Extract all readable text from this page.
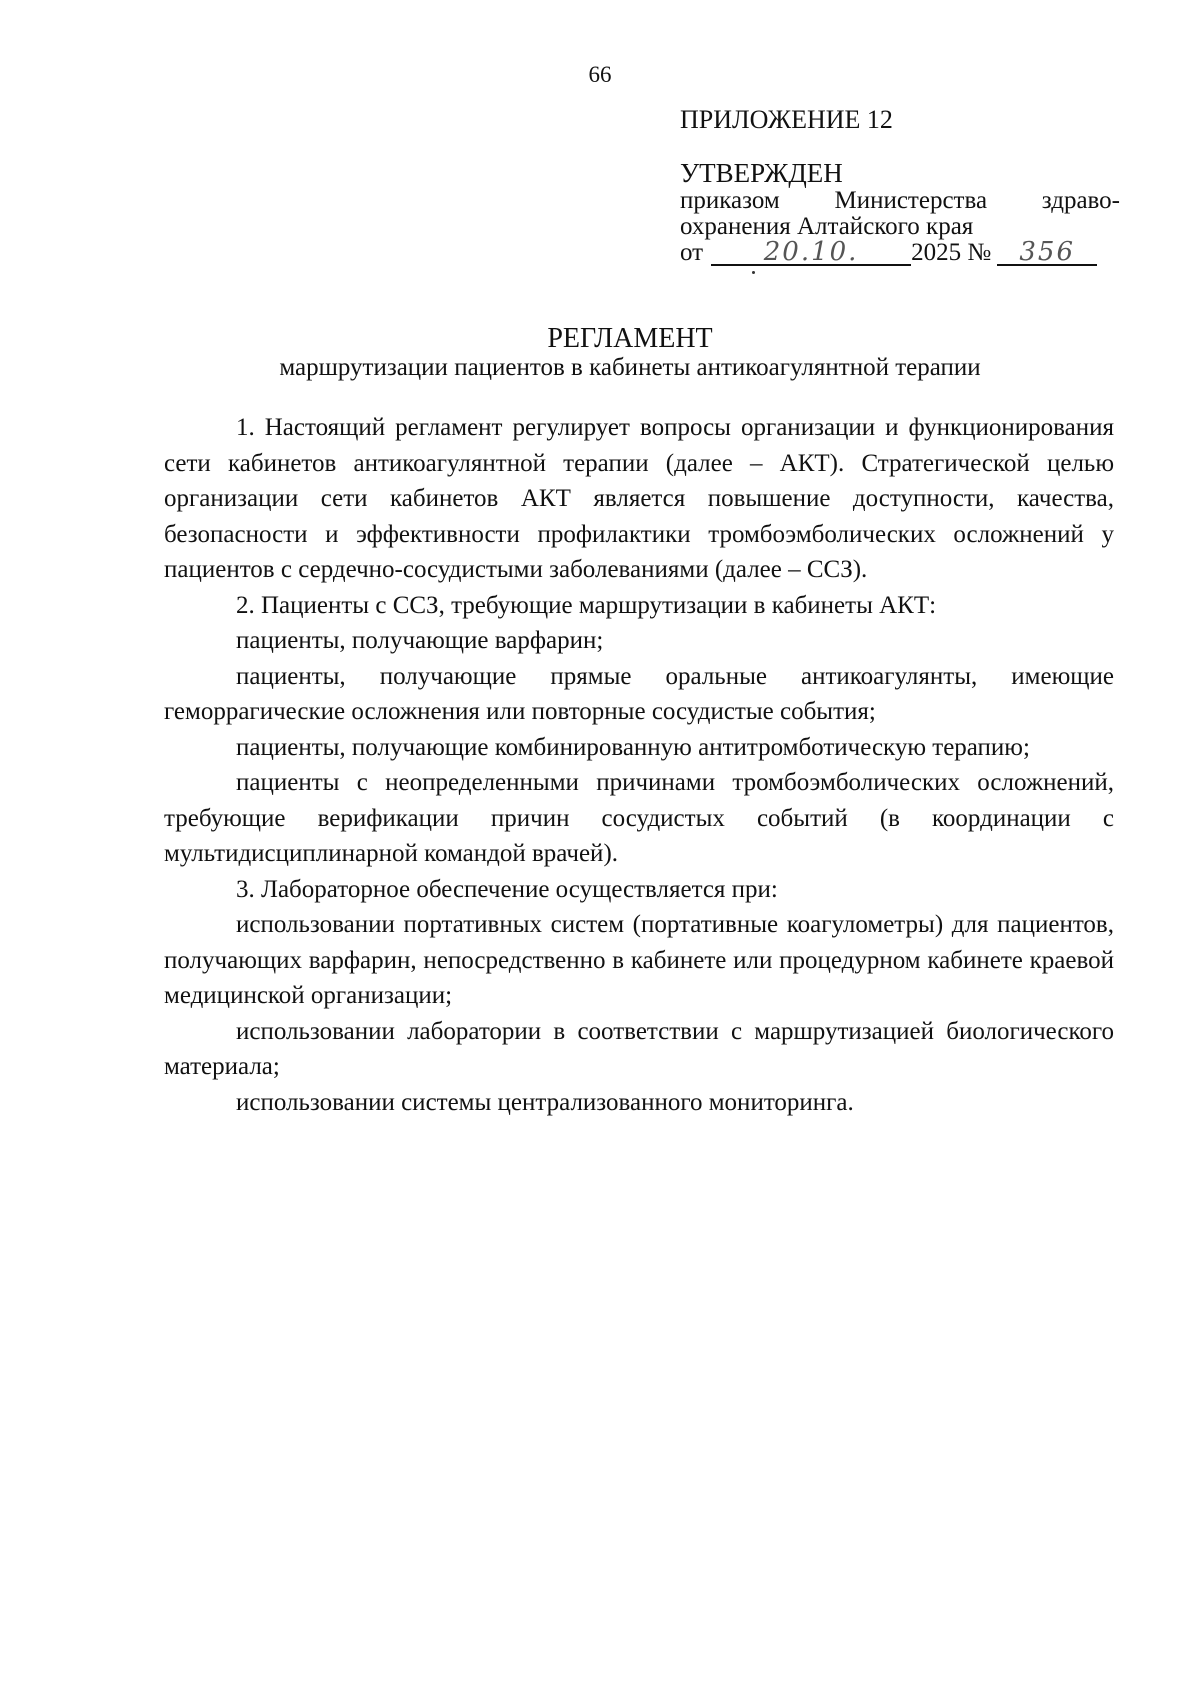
66
ПРИЛОЖЕНИЕ 12
УТВЕРЖДЕН
приказом Министерства здраво-
охранения Алтайского края
от	20.10.	2025 №	356
РЕГЛАМЕНТ
маршрутизации пациентов в кабинеты антикоагулянтной терапии

1. Настоящий регламент регулирует вопросы организации и функционирования сети кабинетов антикоагулянтной терапии (далее – АКТ). Стратегической целью организации сети кабинетов АКТ является повышение доступности, качества, безопасности и эффективности профилактики тромбоэмболических осложнений у пациентов с сердечно-сосудистыми заболеваниями (далее – ССЗ).

2. Пациенты с ССЗ, требующие маршрутизации в кабинеты АКТ:

пациенты, получающие варфарин;

пациенты, получающие прямые оральные антикоагулянты, имеющие геморрагические осложнения или повторные сосудистые события;

пациенты, получающие комбинированную антитромботическую терапию;

пациенты с неопределенными причинами тромбоэмболических осложнений, требующие верификации причин сосудистых событий (в координации с мультидисциплинарной командой врачей).

3. Лабораторное обеспечение осуществляется при:

использовании портативных систем (портативные коагулометры) для пациентов, получающих варфарин, непосредственно в кабинете или процедурном кабинете краевой медицинской организации;

использовании лаборатории в соответствии с маршрутизацией биологического материала;

использовании системы централизованного мониторинга.
